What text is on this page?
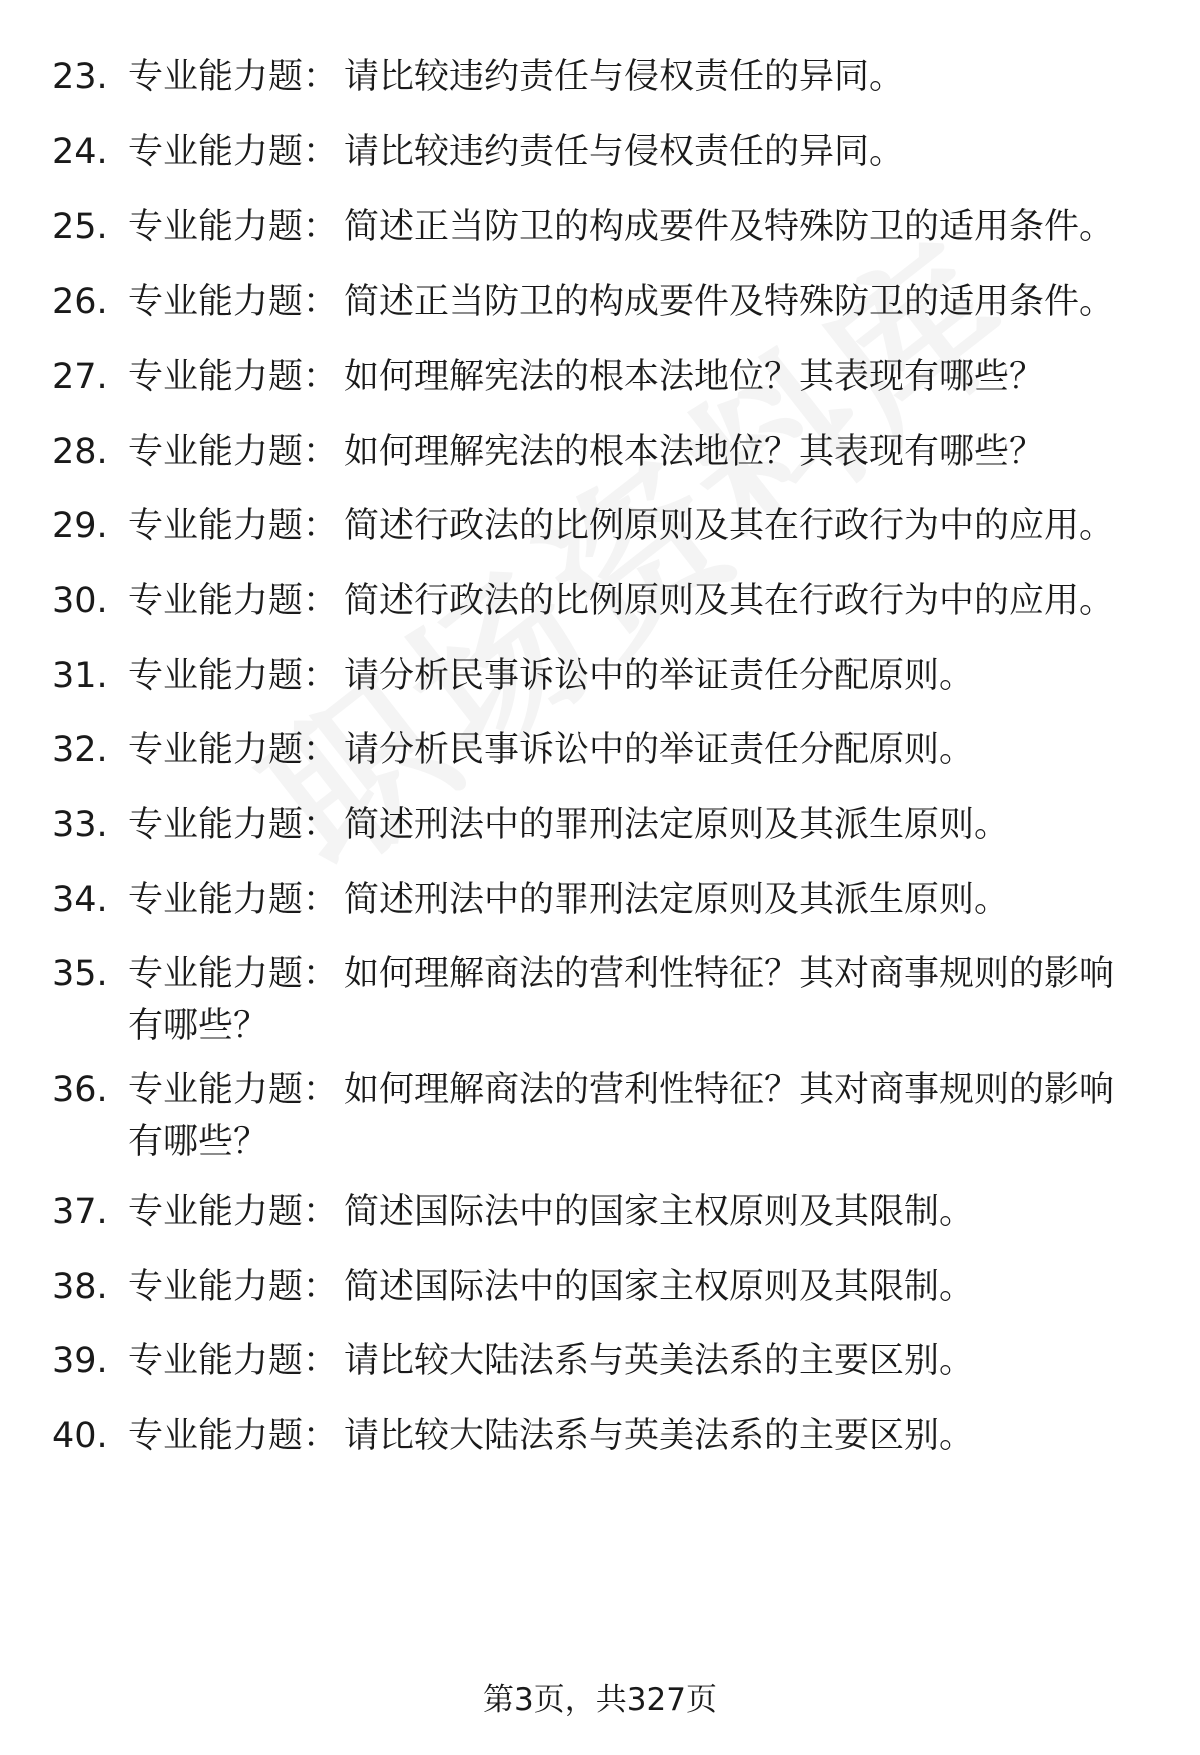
23. 专业能力题： 请比较违约责任与侵权责任的异同。
24. 专业能力题： 请比较违约责任与侵权责任的异同。
25. 专业能力题： 简述正当防卫的构成要件及特殊防卫的适用条件。
26. 专业能力题： 简述正当防卫的构成要件及特殊防卫的适用条件。
27. 专业能力题： 如何理解宪法的根本法地位？其表现有哪些？
28. 专业能力题： 如何理解宪法的根本法地位？其表现有哪些？
29. 专业能力题： 简述行政法的比例原则及其在行政行为中的应用。
30. 专业能力题： 简述行政法的比例原则及其在行政行为中的应用。
31. 专业能力题： 请分析民事诉讼中的举证责任分配原则。
32. 专业能力题： 请分析民事诉讼中的举证责任分配原则。
33. 专业能力题： 简述刑法中的罪刑法定原则及其派生原则。
34. 专业能力题： 简述刑法中的罪刑法定原则及其派生原则。
35. 专业能力题： 如何理解商法的营利性特征？其对商事规则的影响
有哪些？
36. 专业能力题： 如何理解商法的营利性特征？其对商事规则的影响
有哪些？
37. 专业能力题： 简述国际法中的国家主权原则及其限制。
38. 专业能力题： 简述国际法中的国家主权原则及其限制。
39. 专业能力题： 请比较大陆法系与英美法系的主要区别。
40. 专业能力题： 请比较大陆法系与英美法系的主要区别。
第3页，共327页
